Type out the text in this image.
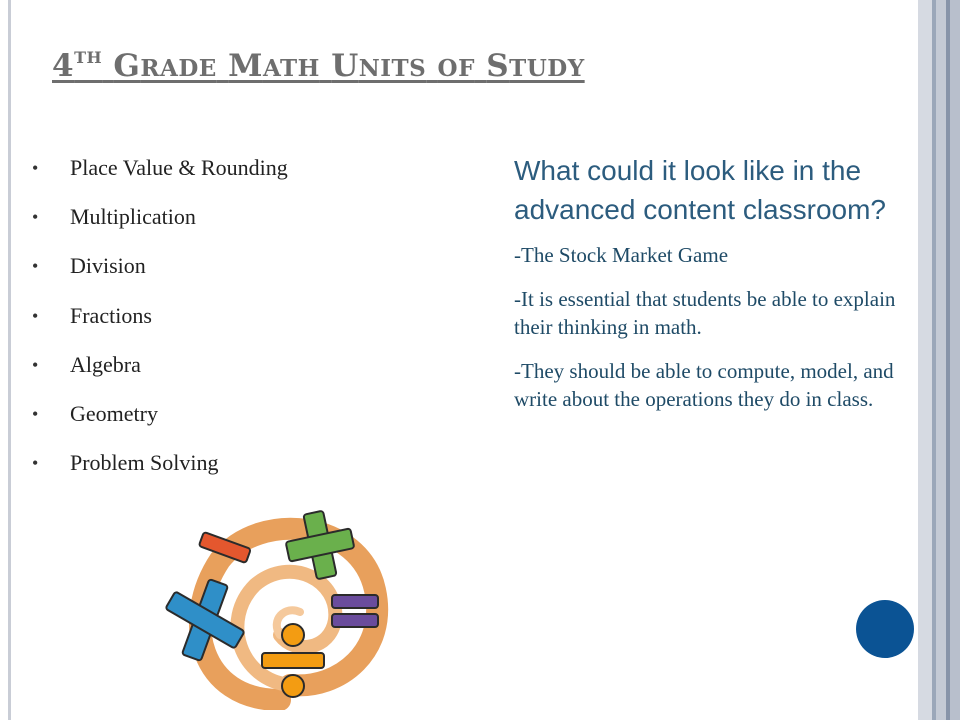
4TH GRADE MATH UNITS OF STUDY
• Place Value & Rounding
• Multiplication
• Division
• Fractions
• Algebra
• Geometry
• Problem Solving

What could it look like in the advanced content classroom?

-The Stock Market Game

-It is essential that students be able to explain their thinking in math.

-They should be able to compute, model, and write about the operations they do in class.
